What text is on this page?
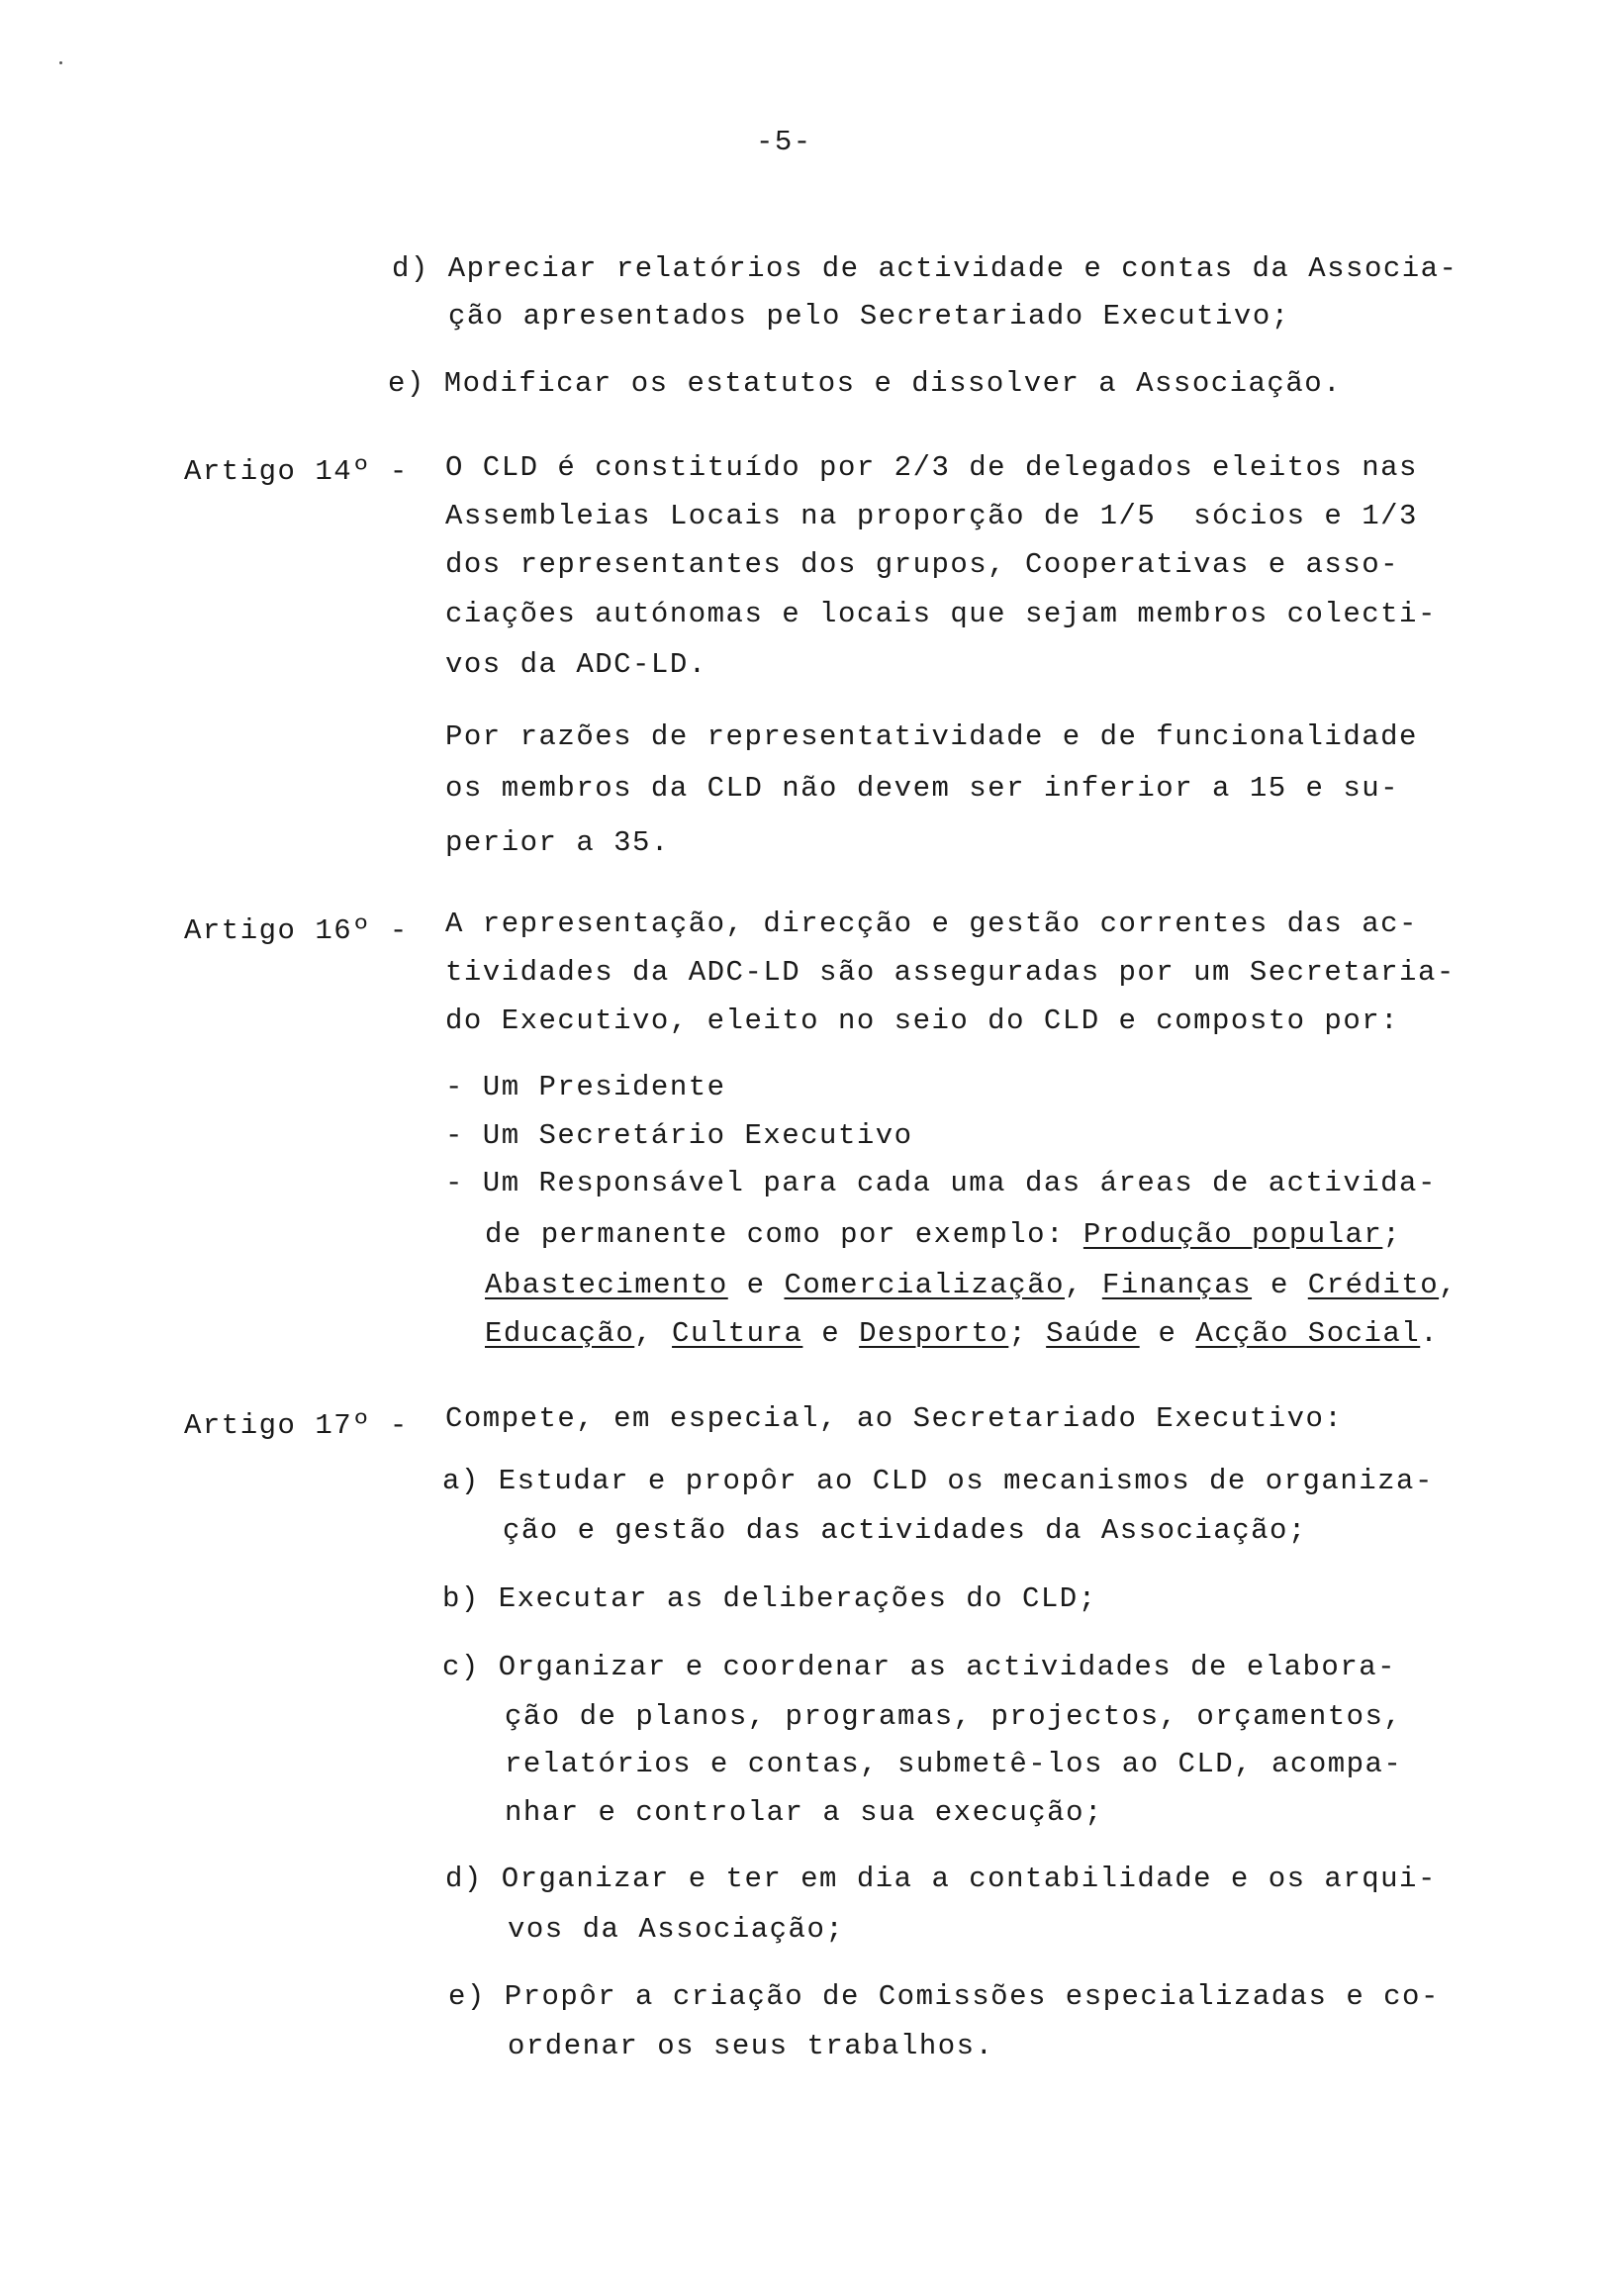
-5-
d) Apreciar relatórios de actividade e contas da Associa-
ção apresentados pelo Secretariado Executivo;
e) Modificar os estatutos e dissolver a Associação.
Artigo 14º - O CLD é constituído por 2/3 de delegados eleitos nas
Assembleias Locais na proporção de 1/5  sócios e 1/3
dos representantes dos grupos, Cooperativas e asso-
ciações autónomas e locais que sejam membros colecti-
vos da ADC-LD.
Por razões de representatividade e de funcionalidade
os membros da CLD não devem ser inferior a 15 e su-
perior a 35.
Artigo 16º - A representação, direcção e gestão correntes das ac-
tividades da ADC-LD são asseguradas por um Secretaria-
do Executivo, eleito no seio do CLD e composto por:
- Um Presidente
- Um Secretário Executivo
- Um Responsável para cada uma das áreas de activida-
de permanente como por exemplo: Produção popular;
Abastecimento e Comercialização, Finanças e Crédito,
Educação, Cultura e Desporto; Saúde e Acção Social.
Artigo 17º - Compete, em especial, ao Secretariado Executivo:
a) Estudar e propôr ao CLD os mecanismos de organiza-
ção e gestão das actividades da Associação;
b) Executar as deliberações do CLD;
c) Organizar e coordenar as actividades de elabora-
ção de planos, programas, projectos, orçamentos,
relatórios e contas, submetê-los ao CLD, acompa-
nhar e controlar a sua execução;
d) Organizar e ter em dia a contabilidade e os arqui-
vos da Associação;
e) Propôr a criação de Comissões especializadas e co-
ordenar os seus trabalhos.
